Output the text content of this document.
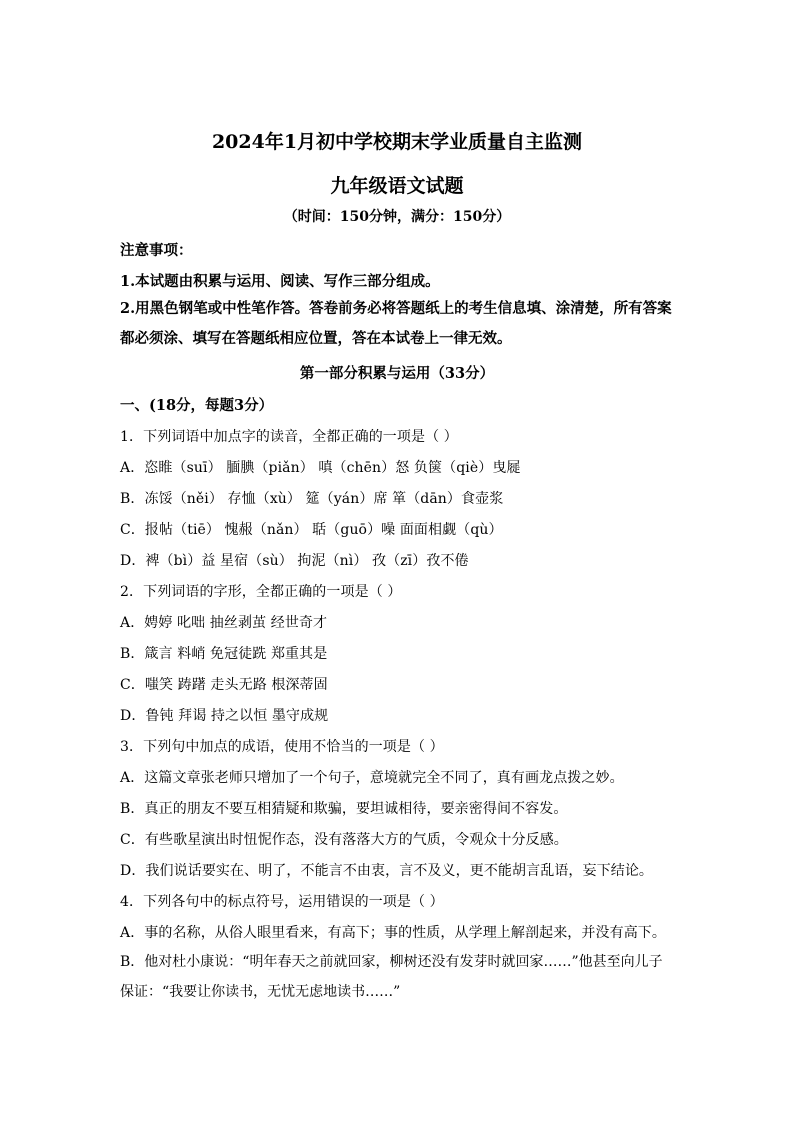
2024年1月初中学校期末学业质量自主监测
九年级语文试题
（时间：150分钟，满分：150分）
注意事项：
1.本试题由积累与运用、阅读、写作三部分组成。
2.用黑色钢笔或中性笔作答。答卷前务必将答题纸上的考生信息填、涂清楚，所有答案都必须涂、填写在答题纸相应位置，答在本试卷上一律无效。
第一部分积累与运用（33分）
一、(18分，每题3分）
1．下列词语中加点字的读音，全都正确的一项是（ ）
A．恣睢（suī） 腼腆（piǎn） 嗔（chēn）怒 负箧（qiè）曳屣
B．冻馁（něi） 存恤（xù） 筵（yán）席 箪（dān）食壶浆
C．报帖（tiē） 愧赧（nǎn） 聒（guō）噪 面面相觑（qù）
D．裨（bì）益 星宿（sù） 拘泥（nì） 孜（zī）孜不倦
2．下列词语的字形，全都正确的一项是（ ）
A．娉婷 叱咄 抽丝剥茧 经世奇才
B．箴言 料峭 免冠徒跣 郑重其是
C．嗤笑 踌躇 走头无路 根深蒂固
D．鲁钝 拜谒 持之以恒 墨守成规
3．下列句中加点的成语，使用不恰当的一项是（ ）
A．这篇文章张老师只增加了一个句子，意境就完全不同了，真有画龙点拨之妙。
B．真正的朋友不要互相猜疑和欺骗，要坦诚相待，要亲密得间不容发。
C．有些歌星演出时忸怩作态，没有落落大方的气质，令观众十分反感。
D．我们说话要实在、明了，不能言不由衷，言不及义，更不能胡言乱语，妄下结论。
4．下列各句中的标点符号，运用错误的一项是（ ）
A．事的名称，从俗人眼里看来，有高下；事的性质，从学理上解剖起来，并没有高下。
B．他对杜小康说：“明年春天之前就回家，柳树还没有发芽时就回家……”他甚至向儿子保证：“我要让你读书，无忧无虑地读书……”
